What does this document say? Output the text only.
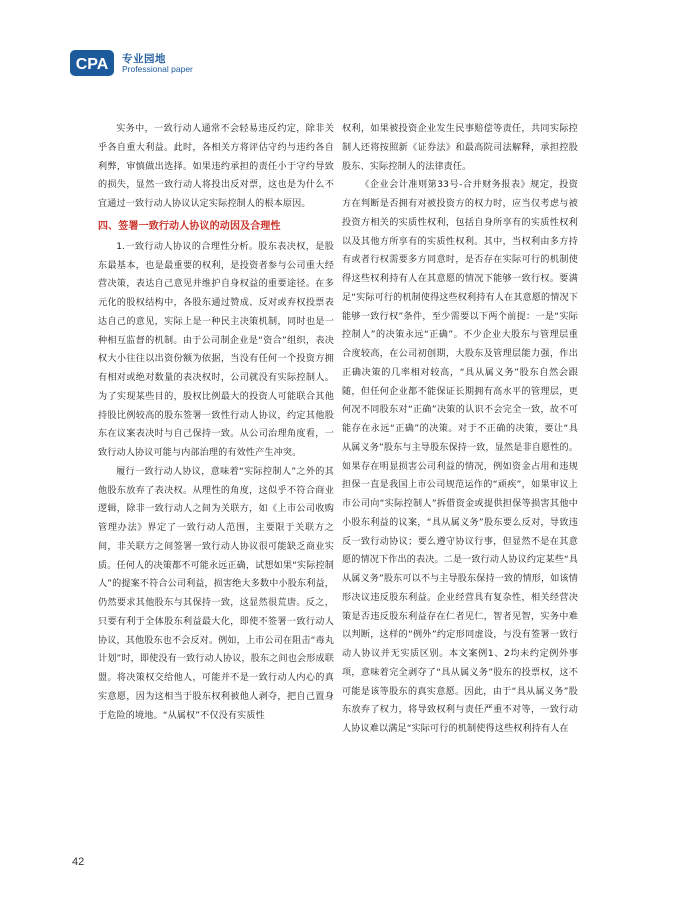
CPA 专业园地
Professional paper

实务中，一致行动人通常不会轻易违反约定，除非关乎各自重大利益。此时，各相关方将评估守约与违约各自利弊，审慎做出选择。如果违约承担的责任小于守约导致的损失，显然一致行动人将投出反对票，这也是为什么不宜通过一致行动人协议认定实际控制人的根本原因。

四、签署一致行动人协议的动因及合理性

1.一致行动人协议的合理性分析。股东表决权，是股东最基本，也是最重要的权利，是投资者参与公司重大经营决策，表达自己意见并维护自身权益的重要途径。在多元化的股权结构中，各股东通过赞成、反对或弃权投票表达自己的意见，实际上是一种民主决策机制，同时也是一种相互监督的机制。由于公司制企业是“资合”组织，表决权大小往往以出资份额为依据，当没有任何一个投资方拥有相对或绝对数量的表决权时，公司就没有实际控制人。为了实现某些目的，股权比例最大的投资人可能联合其他持股比例较高的股东签署一致性行动人协议，约定其他股东在议案表决时与自己保持一致。从公司治理角度看，一致行动人协议可能与内部治理的有效性产生冲突。

履行一致行动人协议，意味着“实际控制人”之外的其他股东放弃了表决权。从理性的角度，这似乎不符合商业逻辑，除非一致行动人之间为关联方，如《上市公司收购管理办法》界定了一致行动人范围，主要限于关联方之间，非关联方之间签署一致行动人协议很可能缺乏商业实质。任何人的决策都不可能永远正确，试想如果“实际控制人”的提案不符合公司利益，损害绝大多数中小股东利益，仍然要求其他股东与其保持一致，这显然很荒唐。反之，只要有利于全体股东利益最大化，即使不签署一致行动人协议，其他股东也不会反对。例如，上市公司在阻击“毒丸计划”时，即使没有一致行动人协议，股东之间也会形成联盟。将决策权交给他人，可能并不是一致行动人内心的真实意愿，因为这相当于股东权利被他人剥夺，把自己置身于危险的境地。“从属权”不仅没有实质性

权利，如果被投资企业发生民事赔偿等责任，共同实际控制人还将按照新《证券法》和最高院司法解释，承担控股股东、实际控制人的法律责任。

《企业会计准则第33号-合并财务报表》规定，投资方在判断是否拥有对被投资方的权力时，应当仅考虑与被投资方相关的实质性权利，包括自身所享有的实质性权利以及其他方所享有的实质性权利。其中，当权利由多方持有或者行权需要多方同意时，是否存在实际可行的机制使得这些权利持有人在其意愿的情况下能够一致行权。要满足“实际可行的机制使得这些权利持有人在其意愿的情况下能够一致行权”条件，至少需要以下两个前提：一是“实际控制人”的决策永远“正确”。不少企业大股东与管理层重合度较高，在公司初创期，大股东及管理层能力强，作出正确决策的几率相对较高，“具从属义务”股东自然会跟随，但任何企业都不能保证长期拥有高水平的管理层，更何况不同股东对“正确”决策的认识不会完全一致，故不可能存在永远“正确”的决策。对于不正确的决策，要让“具从属义务”股东与主导股东保持一致，显然是非自愿性的。如果存在明显损害公司利益的情况，例如资金占用和违规担保一直是我国上市公司规范运作的“顽疾”，如果审议上市公司向“实际控制人”拆借资金或提供担保等损害其他中小股东利益的议案，“具从属义务”股东要么反对，导致违反一致行动协议；要么遵守协议行事，但显然不是在其意愿的情况下作出的表决。二是一致行动人协议约定某些“具从属义务”股东可以不与主导股东保持一致的情形，如该情形决议违反股东利益。企业经营具有复杂性，相关经营决策是否违反股东利益存在仁者见仁，智者见智，实务中难以判断，这样的“例外”约定形同虚设，与没有签署一致行动人协议并无实质区别。本文案例1、2均未约定例外事项，意味着完全剥夺了“具从属义务”股东的投票权，这不可能是该等股东的真实意愿。因此，由于“具从属义务”股东放弃了权力，将导致权利与责任严重不对等，一致行动人协议难以满足“实际可行的机制使得这些权利持有人在

42
